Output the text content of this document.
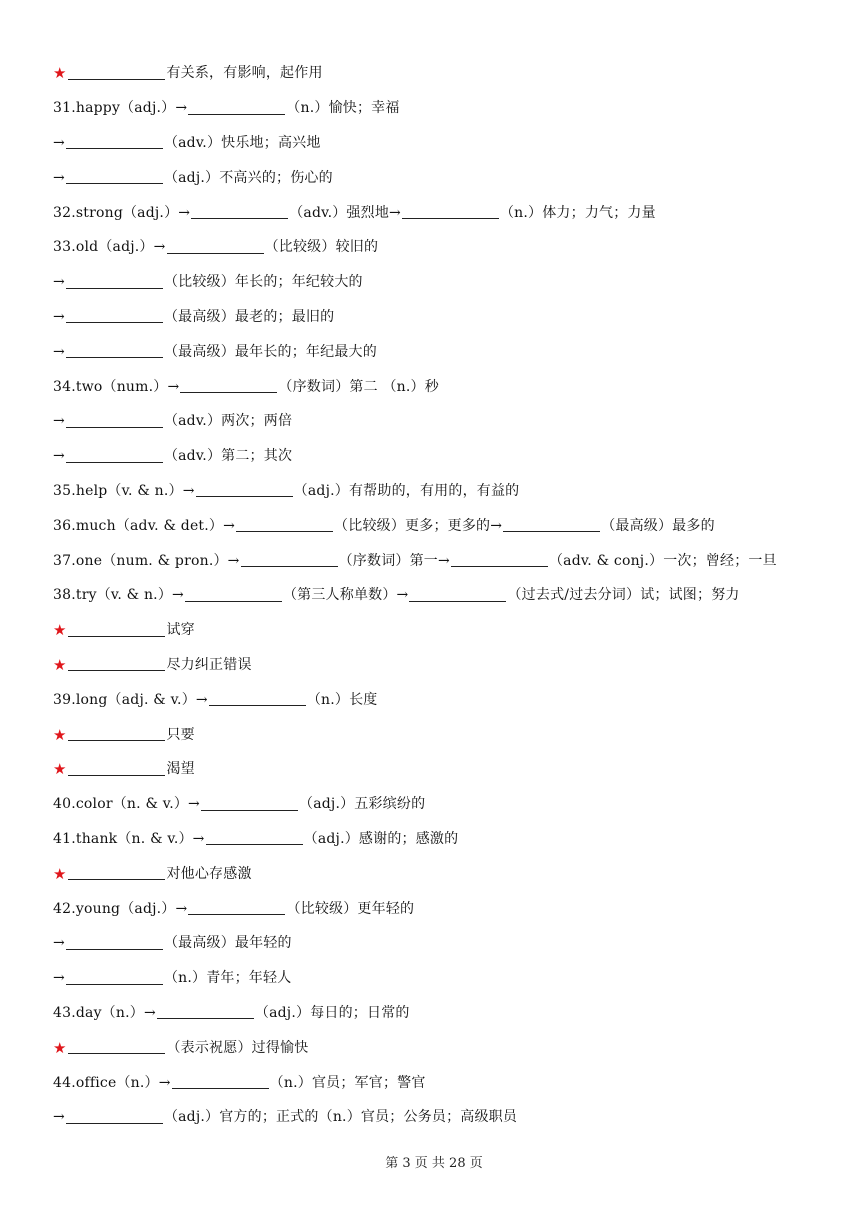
★	有关系，有影响，起作用
31.happy（adj.）→	（n.）愉快；幸福
→	（adv.）快乐地；高兴地
→	（adj.）不高兴的；伤心的
32.strong（adj.）→	（adv.）强烈地→	（n.）体力；力气；力量
33.old（adj.）→	（比较级）较旧的
→	（比较级）年长的；年纪较大的
→	（最高级）最老的；最旧的
→	（最高级）最年长的；年纪最大的
34.two（num.）→	（序数词）第二 （n.）秒
→	（adv.）两次；两倍
→	（adv.）第二；其次
35.help（v. & n.）→	（adj.）有帮助的，有用的，有益的
36.much（adv. & det.）→	（比较级）更多；更多的→	（最高级）最多的
37.one（num. & pron.）→	（序数词）第一→	（adv. & conj.）一次；曾经；一旦
38.try（v. & n.）→	（第三人称单数）→	（过去式/过去分词）试；试图；努力
★	试穿
★	尽力纠正错误
39.long（adj. & v.）→	（n.）长度
★	只要
★	渴望
40.color（n. & v.）→	（adj.）五彩缤纷的
41.thank（n. & v.）→	（adj.）感谢的；感激的
★	对他心存感激
42.young（adj.）→	（比较级）更年轻的
→	（最高级）最年轻的
→	（n.）青年；年轻人
43.day（n.）→	（adj.）每日的；日常的
★	（表示祝愿）过得愉快
44.office（n.）→	（n.）官员；军官；警官
→	（adj.）官方的；正式的（n.）官员；公务员；高级职员
第 3 页 共 28 页
